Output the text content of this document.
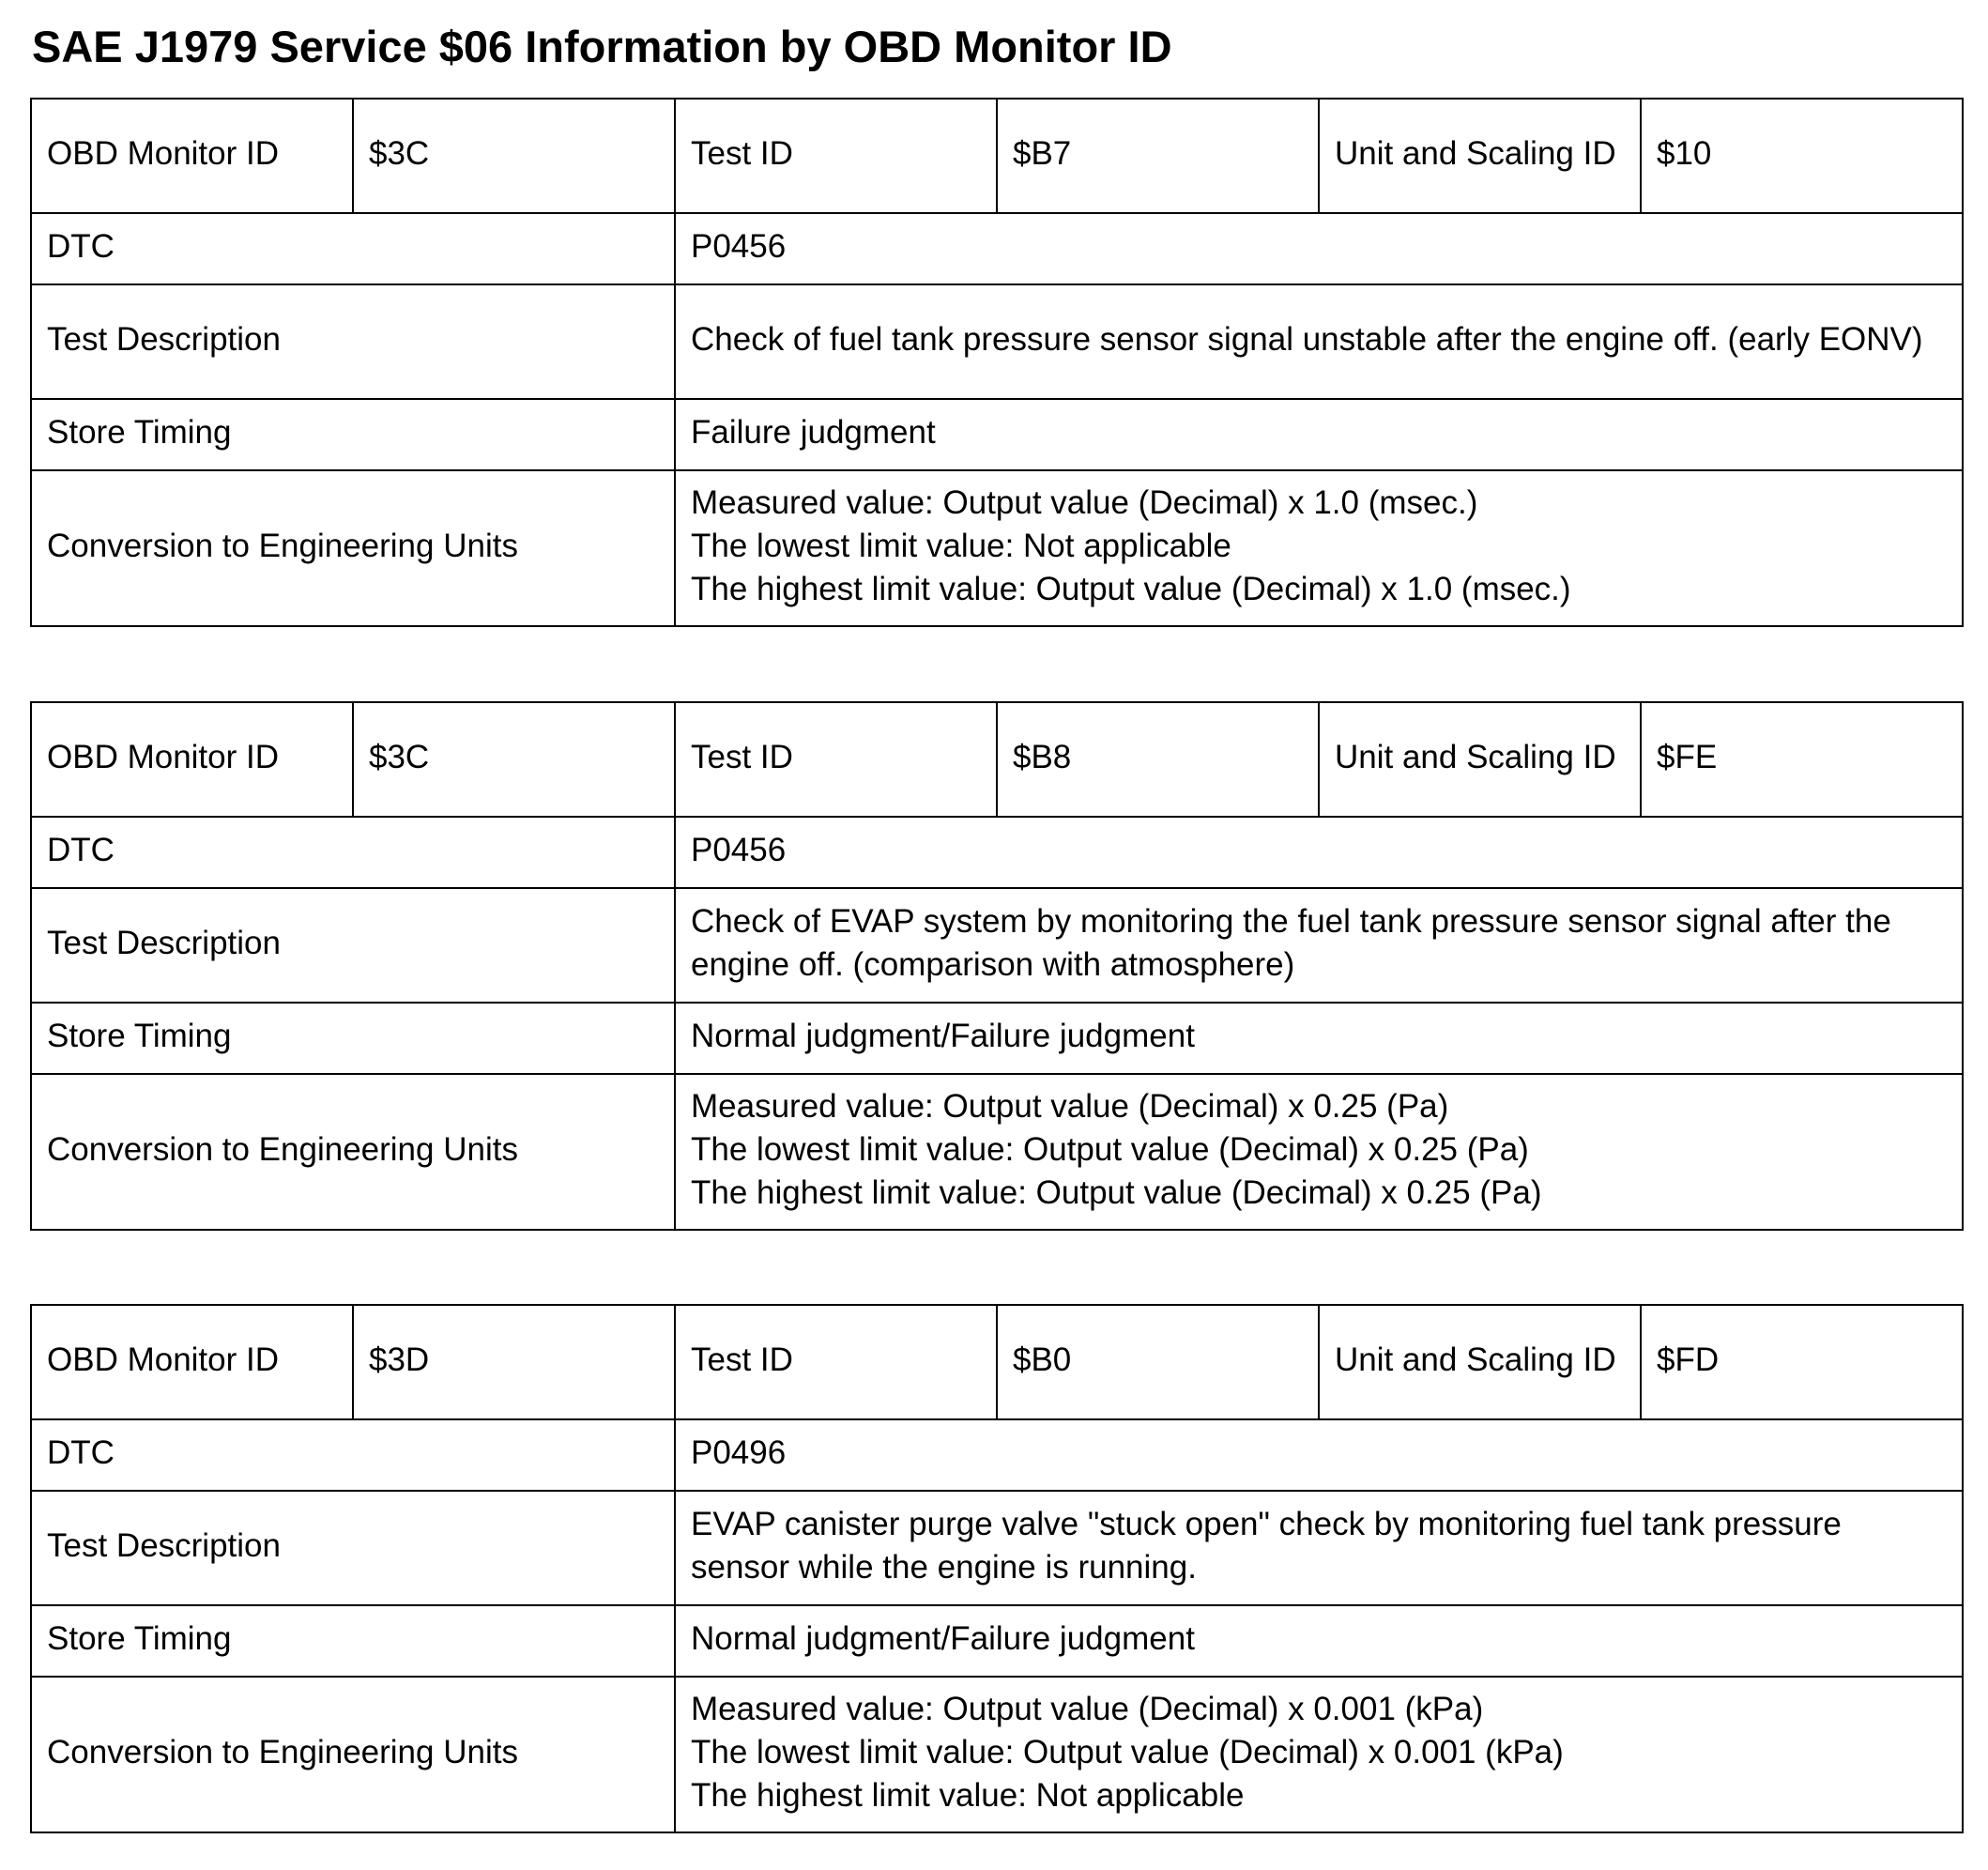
SAE J1979 Service $06 Information by OBD Monitor ID
OBD Monitor ID	$3C	Test ID	$B7	Unit and Scaling ID	$10
DTC		P0456			
Test Description		Check of fuel tank pressure sensor signal unstable after the engine off. (early EONV)			
Store Timing		Failure judgment			
Conversion to Engineering Units		Measured value: Output value (Decimal) x 1.0 (msec.)
The lowest limit value: Not applicable
The highest limit value: Output value (Decimal) x 1.0 (msec.)			
OBD Monitor ID	$3C	Test ID	$B8	Unit and Scaling ID	$FE
DTC		P0456			
Test Description		Check of EVAP system by monitoring the fuel tank pressure sensor signal after the engine off. (comparison with atmosphere)			
Store Timing		Normal judgment/Failure judgment			
Conversion to Engineering Units		Measured value: Output value (Decimal) x 0.25 (Pa)
The lowest limit value: Output value (Decimal) x 0.25 (Pa)
The highest limit value: Output value (Decimal) x 0.25 (Pa)			
OBD Monitor ID	$3D	Test ID	$B0	Unit and Scaling ID	$FD
DTC		P0496			
Test Description		EVAP canister purge valve "stuck open" check by monitoring fuel tank pressure sensor while the engine is running.			
Store Timing		Normal judgment/Failure judgment			
Conversion to Engineering Units		Measured value: Output value (Decimal) x 0.001 (kPa)
The lowest limit value: Output value (Decimal) x 0.001 (kPa)
The highest limit value: Not applicable			
